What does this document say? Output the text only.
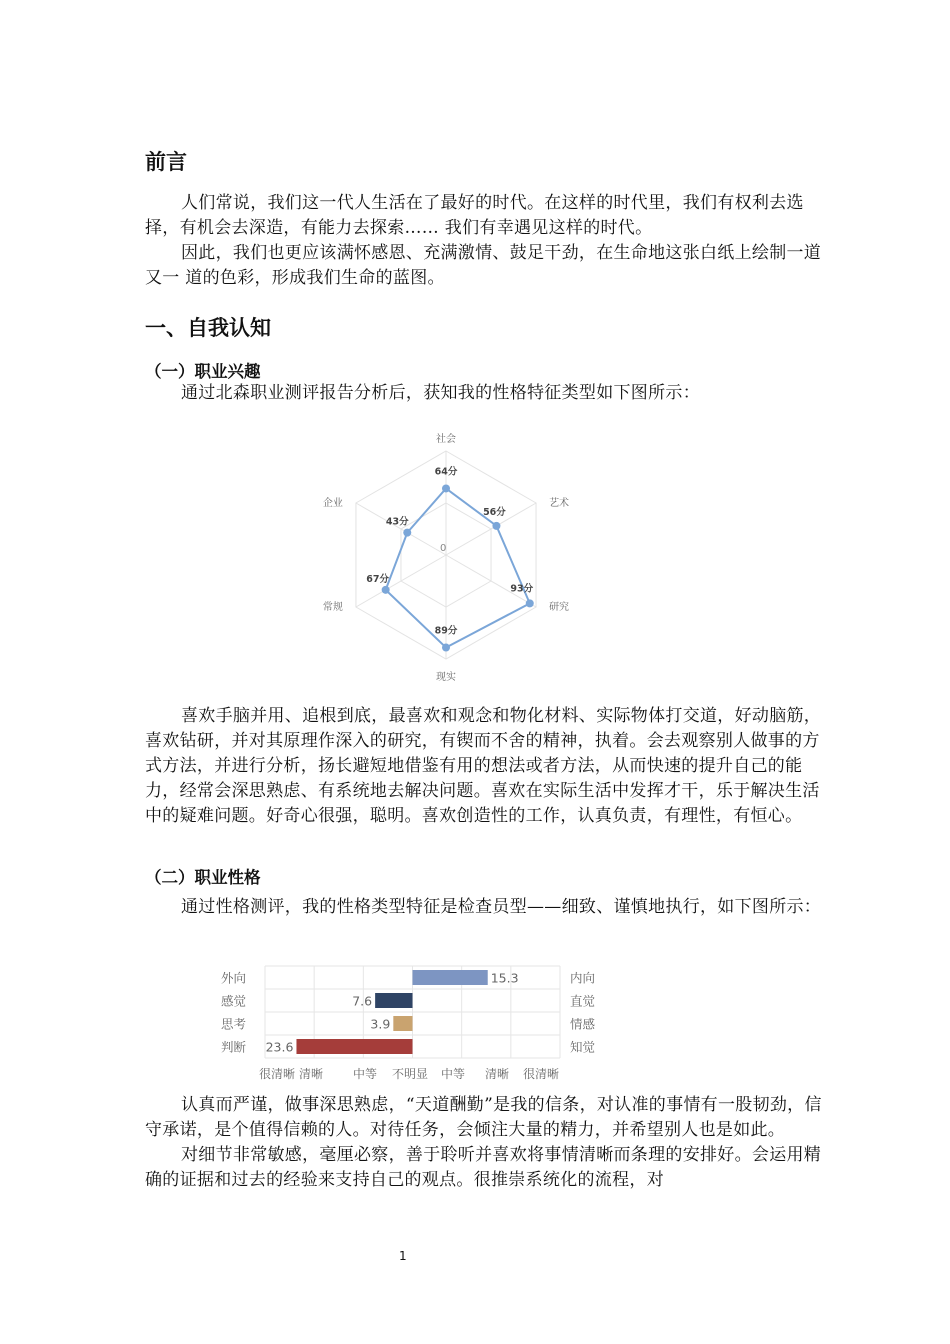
前言

人们常说，我们这一代人生活在了最好的时代。在这样的时代里，我们有权利去选择，有机会去深造，有能力去探索…… 我们有幸遇见这样的时代。

因此，我们也更应该满怀感恩、充满激情、鼓足干劲，在生命地这张白纸上绘制一道又一 道的色彩，形成我们生命的蓝图。

一、自我认知
（一）职业兴趣

通过北森职业测评报告分析后，获知我的性格特征类型如下图所示：

0
社会
艺术
研究
现实
常规
企业
64分
56分
93分
89分
67分
43分

喜欢手脑并用、追根到底，最喜欢和观念和物化材料、实际物体打交道，好动脑筋，喜欢钻研，并对其原理作深入的研究，有锲而不舍的精神，执着。会去观察别人做事的方式方法，并进行分析，扬长避短地借鉴有用的想法或者方法，从而快速的提升自己的能力，经常会深思熟虑、有系统地去解决问题。喜欢在实际生活中发挥才干，乐于解决生活中的疑难问题。好奇心很强，聪明。喜欢创造性的工作，认真负责，有理性，有恒心。

（二）职业性格

通过性格测评，我的性格类型特征是检查员型——细致、谨慎地执行，如下图所示：

15.3
外向	内向
7.6
感觉	直觉
3.9
思考	情感
23.6
判断	知觉
很清晰 清晰 中等 不明显 中等 清晰 很清晰

认真而严谨，做事深思熟虑，“天道酬勤”是我的信条，对认准的事情有一股韧劲，信守承诺，是个值得信赖的人。对待任务，会倾注大量的精力，并希望别人也是如此。

对细节非常敏感，毫厘必察，善于聆听并喜欢将事情清晰而条理的安排好。会运用精确的证据和过去的经验来支持自己的观点。很推崇系统化的流程，对

1
